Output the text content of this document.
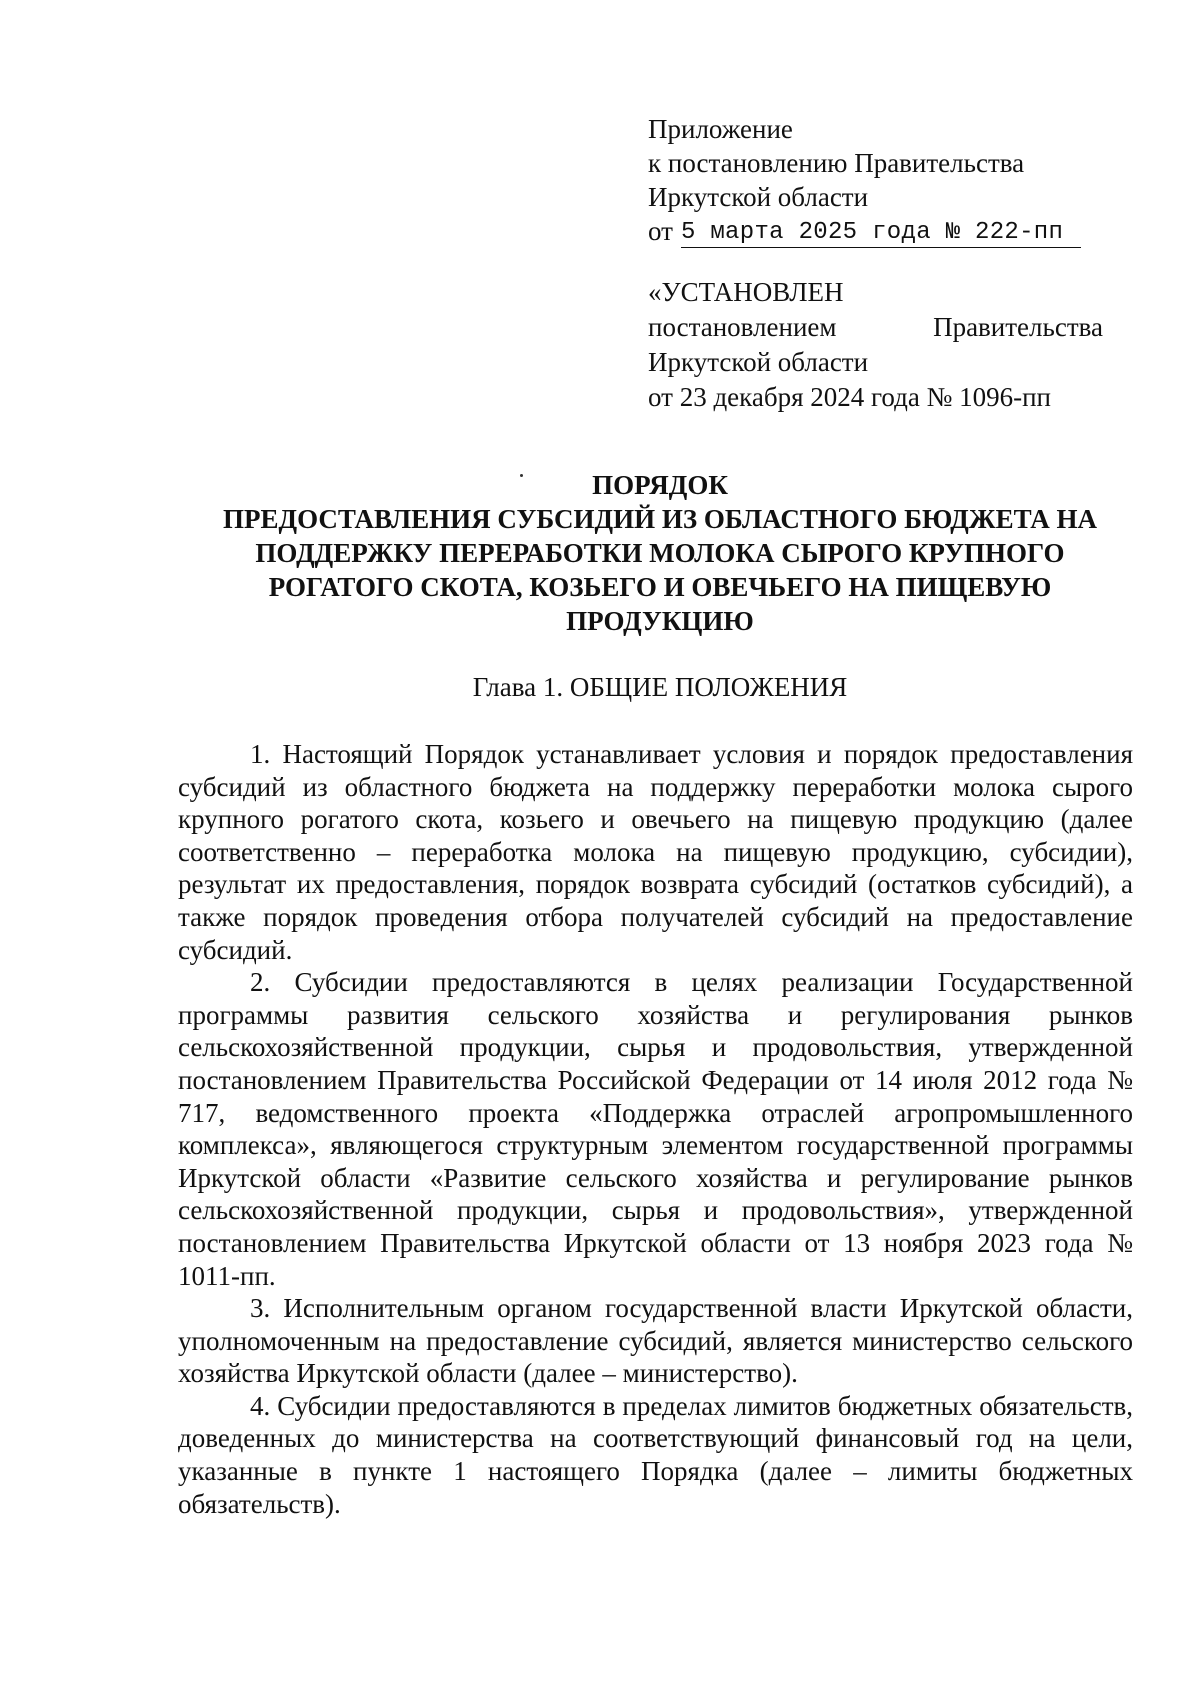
Приложение
к постановлению Правительства
Иркутской области
от 5 марта 2025 года № 222-пп
«УСТАНОВЛЕН
постановлением	Правительства
Иркутской области
от 23 декабря 2024 года № 1096-пп
ПОРЯДОК
ПРЕДОСТАВЛЕНИЯ СУБСИДИЙ ИЗ ОБЛАСТНОГО БЮДЖЕТА НА
ПОДДЕРЖКУ ПЕРЕРАБОТКИ МОЛОКА СЫРОГО КРУПНОГО
РОГАТОГО СКОТА, КОЗЬЕГО И ОВЕЧЬЕГО НА ПИЩЕВУЮ
ПРОДУКЦИЮ
Глава 1. ОБЩИЕ ПОЛОЖЕНИЯ

1. Настоящий Порядок устанавливает условия и порядок предоставления субсидий из областного бюджета на поддержку переработки молока сырого крупного рогатого скота, козьего и овечьего на пищевую продукцию (далее соответственно – переработка молока на пищевую продукцию, субсидии), результат их предоставления, порядок возврата субсидий (остатков субсидий), а также порядок проведения отбора получателей субсидий на предоставление субсидий.

2. Субсидии предоставляются в целях реализации Государственной программы развития сельского хозяйства и регулирования рынков сельскохозяйственной продукции, сырья и продовольствия, утвержденной постановлением Правительства Российской Федерации от 14 июля 2012 года № 717, ведомственного проекта «Поддержка отраслей агропромышленного комплекса», являющегося структурным элементом государственной программы Иркутской области «Развитие сельского хозяйства и регулирование рынков сельскохозяйственной продукции, сырья и продовольствия», утвержденной постановлением Правительства Иркутской области от 13 ноября 2023 года № 1011-пп.

3. Исполнительным органом государственной власти Иркутской области, уполномоченным на предоставление субсидий, является министерство сельского хозяйства Иркутской области (далее – министерство).

4. Субсидии предоставляются в пределах лимитов бюджетных обязательств, доведенных до министерства на соответствующий финансовый год на цели, указанные в пункте 1 настоящего Порядка (далее – лимиты бюджетных обязательств).
